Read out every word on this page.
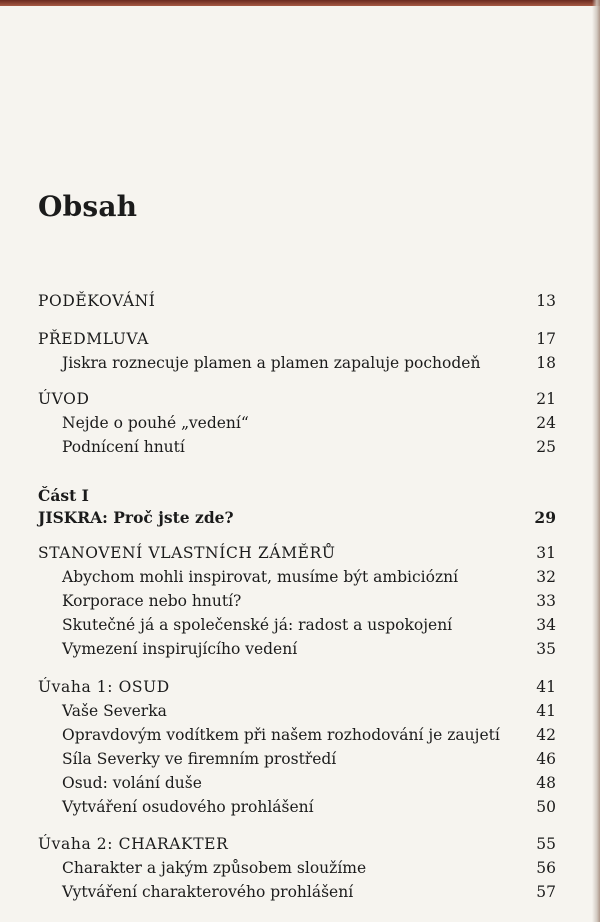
Obsah
PODĚKOVÁNÍ	13
PŘEDMLUVA	17
Jiskra roznecuje plamen a plamen zapaluje pochodeň	18
ÚVOD	21
Nejde o pouhé „vedení“	24
Podnícení hnutí	25
Část I
JISKRA: Proč jste zde?	29
STANOVENÍ VLASTNÍCH ZÁMĚRŮ	31
Abychom mohli inspirovat, musíme být ambiciózní	32
Korporace nebo hnutí?	33
Skutečné já a společenské já: radost a uspokojení	34
Vymezení inspirujícího vedení	35
Úvaha 1: OSUD	41
Vaše Severka	41
Opravdovým vodítkem při našem rozhodování je zaujetí 42
Síla Severky ve firemním prostředí	46
Osud: volání duše	48
Vytváření osudového prohlášení	50
Úvaha 2: CHARAKTER	55
Charakter a jakým způsobem sloužíme	56
Vytváření charakterového prohlášení	57
